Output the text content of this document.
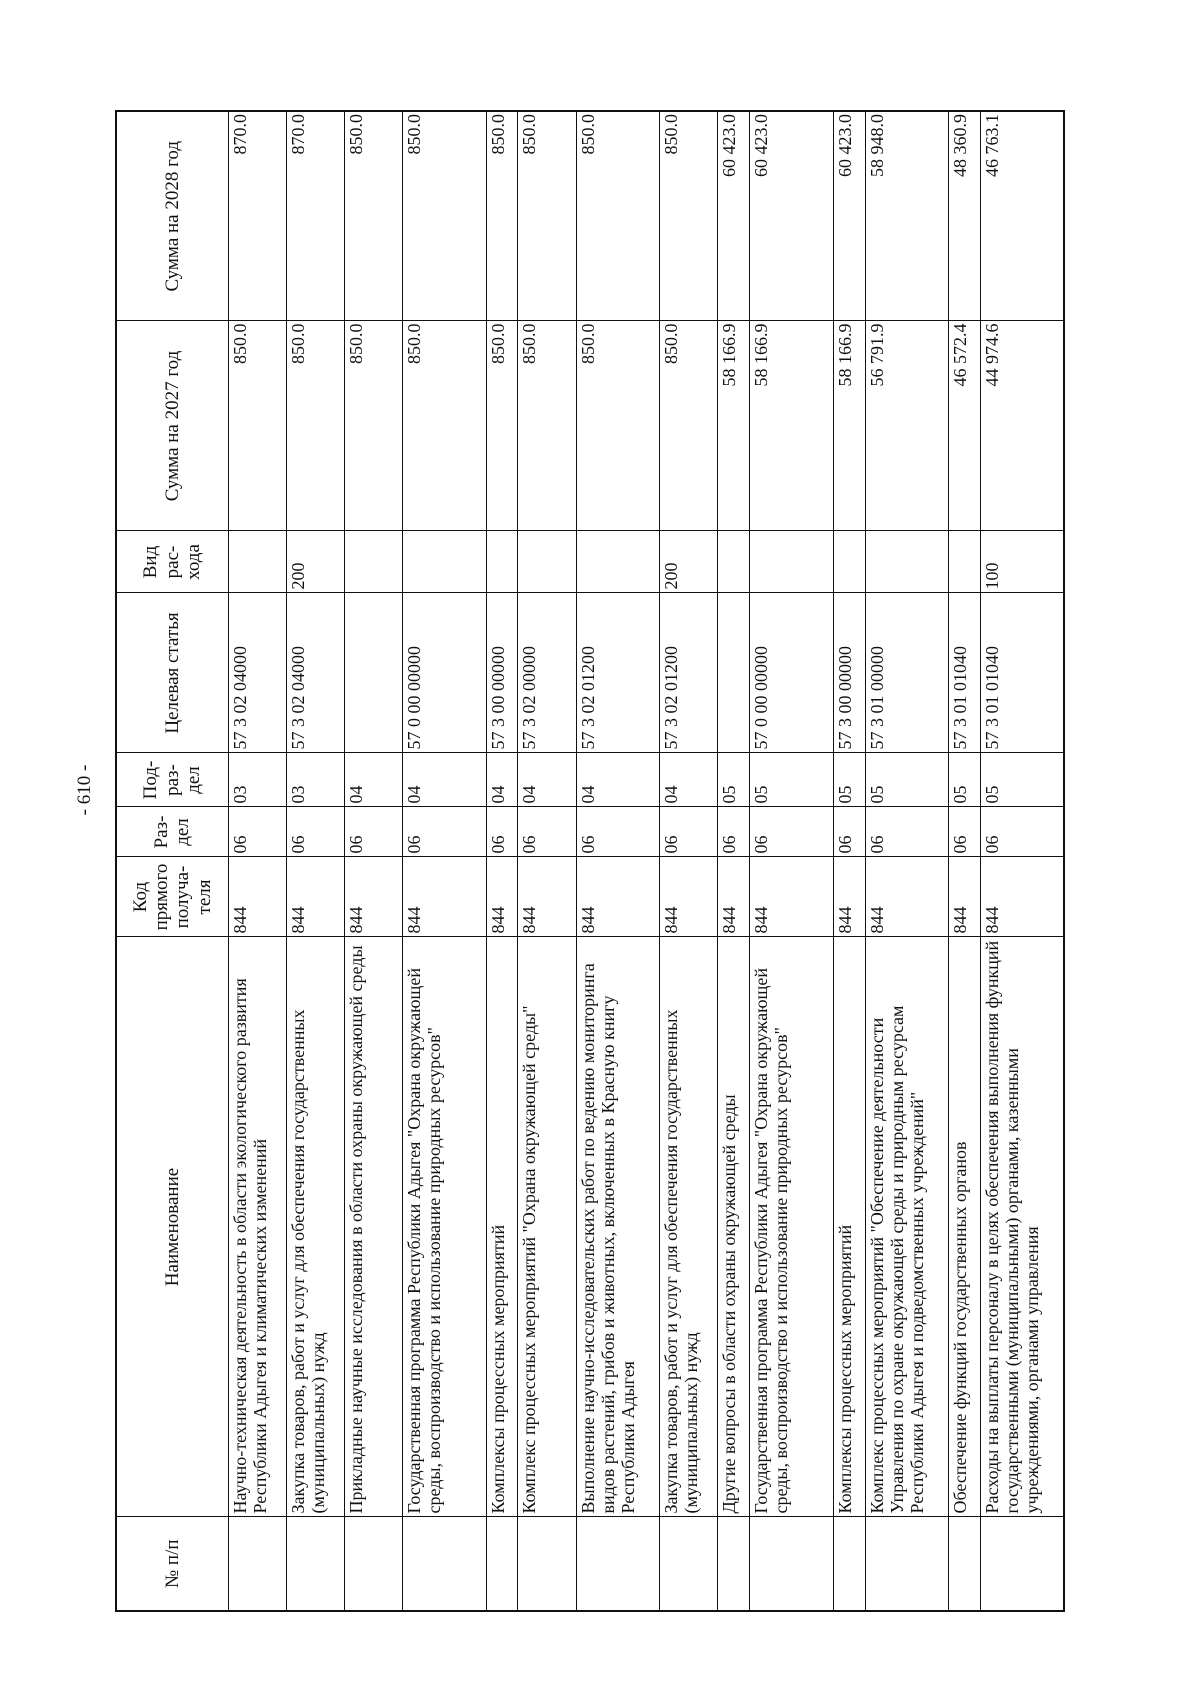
- 610 -
№ п/п	Наименование	Код прямого получа-теля	Раз-дел	Под-раз-дел	Целевая статья	Вид рас-хода	Сумма на 2027 год	Сумма на 2028 год
	Научно-техническая деятельность в области экологического развития Республики Адыгея и климатических изменений	844	06	03	57 3 02 04000		850.0	870.0
	Закупка товаров, работ и услуг для обеспечения государственных (муниципальных) нужд	844	06	03	57 3 02 04000	200	850.0	870.0
	Прикладные научные исследования в области охраны окружающей среды	844	06	04			850.0	850.0
	Государственная программа Республики Адыгея "Охрана окружающей среды, воспроизводство и использование природных ресурсов"	844	06	04	57 0 00 00000		850.0	850.0
	Комплексы процессных мероприятий	844	06	04	57 3 00 00000		850.0	850.0
	Комплекс процессных мероприятий "Охрана окружающей среды"	844	06	04	57 3 02 00000		850.0	850.0
	Выполнение научно-исследовательских работ по ведению мониторинга видов растений, грибов и животных, включенных в Красную книгу Республики Адыгея	844	06	04	57 3 02 01200		850.0	850.0
	Закупка товаров, работ и услуг для обеспечения государственных (муниципальных) нужд	844	06	04	57 3 02 01200	200	850.0	850.0
	Другие вопросы в области охраны окружающей среды	844	06	05			58 166.9	60 423.0
	Государственная программа Республики Адыгея "Охрана окружающей среды, воспроизводство и использование природных ресурсов"	844	06	05	57 0 00 00000		58 166.9	60 423.0
	Комплексы процессных мероприятий	844	06	05	57 3 00 00000		58 166.9	60 423.0
	Комплекс процессных мероприятий "Обеспечение деятельности Управления по охране окружающей среды и природным ресурсам Республики Адыгея и подведомственных учреждений"	844	06	05	57 3 01 00000		56 791.9	58 948.0
	Обеспечение функций государственных органов	844	06	05	57 3 01 01040		46 572.4	48 360.9
	Расходы на выплаты персоналу в целях обеспечения выполнения функций государственными (муниципальными) органами, казенными учреждениями, органами управления	844	06	05	57 3 01 01040	100	44 974.6	46 763.1
